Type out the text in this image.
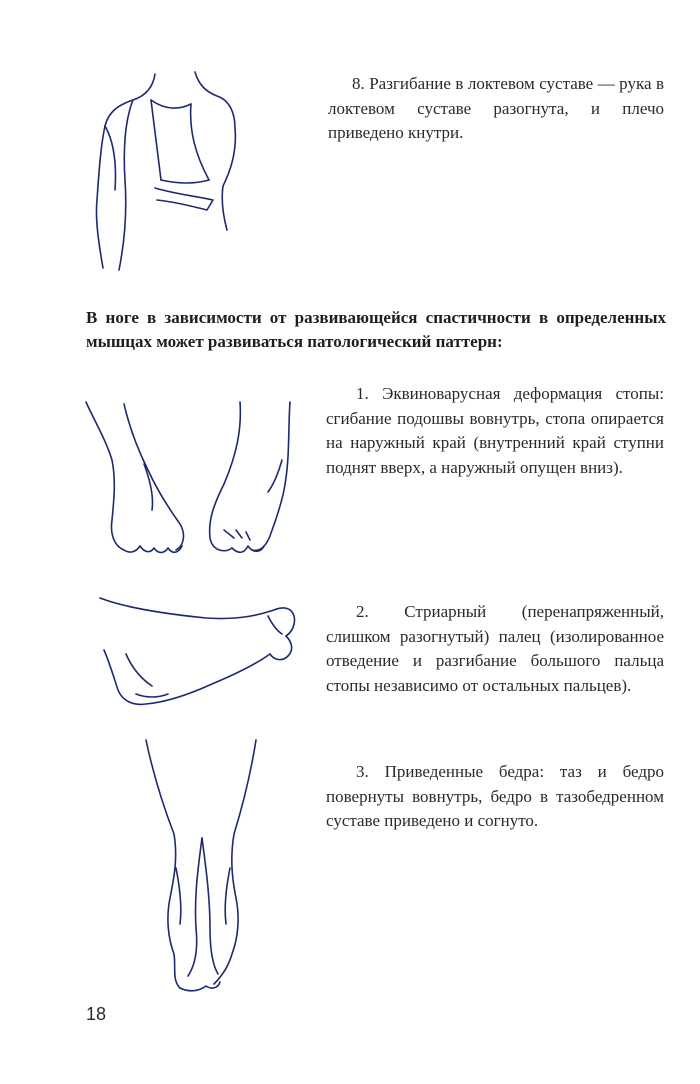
8. Разгибание в локтевом суставе — рука в локтевом суставе разогнута, и плечо приведено кнутри.

В ноге в зависимости от развивающейся спастичности в определенных мышцах может развиваться патологический паттерн:

1. Эквиноварусная деформация стопы: сгибание подошвы вовнутрь, стопа опирается на наружный край (внутренний край ступни поднят вверх, а наружный опущен вниз).

2. Стриарный (перенапряженный, слишком разогнутый) палец (изолированное отведение и разгибание большого пальца стопы независимо от остальных пальцев).

3. Приведенные бедра: таз и бедро повернуты вовнутрь, бедро в тазобедренном суставе приведено и согнуто.

18
